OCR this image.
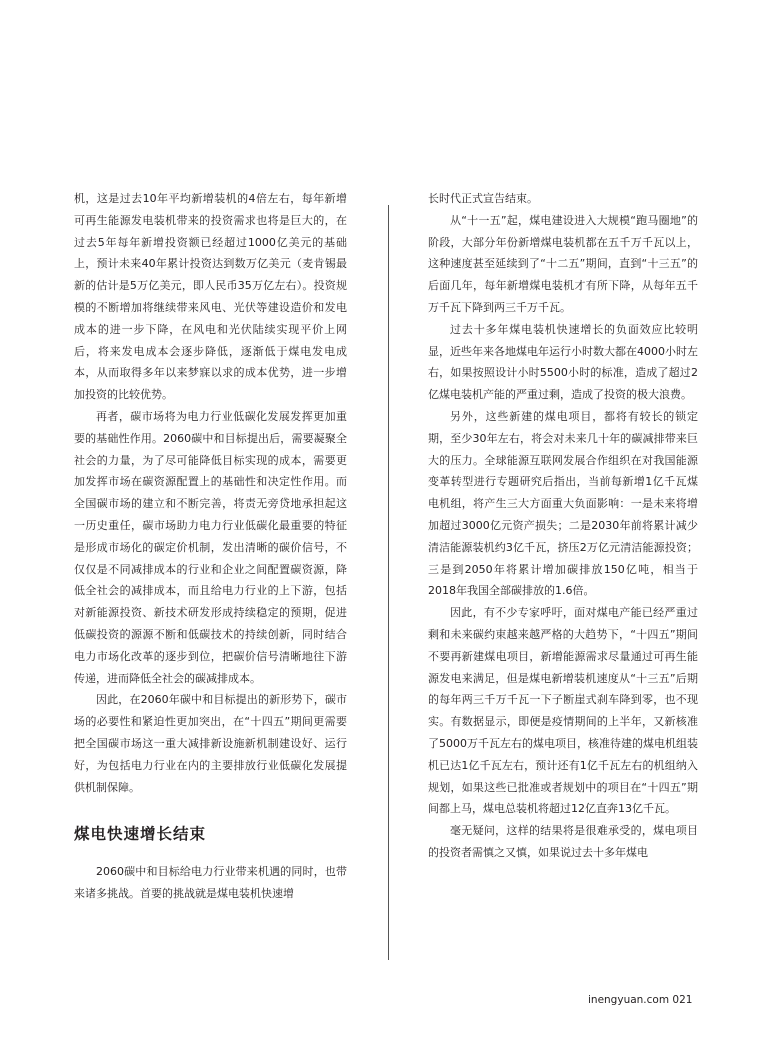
机，这是过去10年平均新增装机的4倍左右，每年新增可再生能源发电装机带来的投资需求也将是巨大的，在过去5年每年新增投资额已经超过1000亿美元的基础上，预计未来40年累计投资达到数万亿美元（麦肯锡最新的估计是5万亿美元，即人民币35万亿左右）。投资规模的不断增加将继续带来风电、光伏等建设造价和发电成本的进一步下降，在风电和光伏陆续实现平价上网后，将来发电成本会逐步降低，逐渐低于煤电发电成本，从而取得多年以来梦寐以求的成本优势，进一步增加投资的比较优势。

再者，碳市场将为电力行业低碳化发展发挥更加重要的基础性作用。2060碳中和目标提出后，需要凝聚全社会的力量，为了尽可能降低目标实现的成本，需要更加发挥市场在碳资源配置上的基础性和决定性作用。而全国碳市场的建立和不断完善，将责无旁贷地承担起这一历史重任，碳市场助力电力行业低碳化最重要的特征是形成市场化的碳定价机制，发出清晰的碳价信号，不仅仅是不同减排成本的行业和企业之间配置碳资源，降低全社会的减排成本，而且给电力行业的上下游，包括对新能源投资、新技术研发形成持续稳定的预期，促进低碳投资的源源不断和低碳技术的持续创新，同时结合电力市场化改革的逐步到位，把碳价信号清晰地往下游传递，进而降低全社会的碳减排成本。

因此，在2060年碳中和目标提出的新形势下，碳市场的必要性和紧迫性更加突出，在“十四五”期间更需要把全国碳市场这一重大减排新设施新机制建设好、运行好，为包括电力行业在内的主要排放行业低碳化发展提供机制保障。

煤电快速增长结束

2060碳中和目标给电力行业带来机遇的同时，也带来诸多挑战。首要的挑战就是煤电装机快速增

长时代正式宣告结束。

从“十一五”起，煤电建设进入大规模“跑马圈地”的阶段，大部分年份新增煤电装机都在五千万千瓦以上，这种速度甚至延续到了“十二五”期间，直到“十三五”的后面几年，每年新增煤电装机才有所下降，从每年五千万千瓦下降到两三千万千瓦。

过去十多年煤电装机快速增长的负面效应比较明显，近些年来各地煤电年运行小时数大都在4000小时左右，如果按照设计小时5500小时的标准，造成了超过2亿煤电装机产能的严重过剩，造成了投资的极大浪费。

另外，这些新建的煤电项目，都将有较长的锁定期，至少30年左右，将会对未来几十年的碳减排带来巨大的压力。全球能源互联网发展合作组织在对我国能源变革转型进行专题研究后指出，当前每新增1亿千瓦煤电机组，将产生三大方面重大负面影响：一是未来将增加超过3000亿元资产损失；二是2030年前将累计减少清洁能源装机约3亿千瓦，挤压2万亿元清洁能源投资；三是到2050年将累计增加碳排放150亿吨，相当于2018年我国全部碳排放的1.6倍。

因此，有不少专家呼吁，面对煤电产能已经严重过剩和未来碳约束越来越严格的大趋势下，“十四五”期间不要再新建煤电项目，新增能源需求尽量通过可再生能源发电来满足，但是煤电新增装机速度从“十三五”后期的每年两三千万千瓦一下子断崖式刹车降到零，也不现实。有数据显示，即便是疫情期间的上半年，又新核准了5000万千瓦左右的煤电项目，核准待建的煤电机组装机已达1亿千瓦左右，预计还有1亿千瓦左右的机组纳入规划，如果这些已批准或者规划中的项目在“十四五”期间都上马，煤电总装机将超过12亿直奔13亿千瓦。

毫无疑问，这样的结果将是很难承受的，煤电项目的投资者需慎之又慎，如果说过去十多年煤电

inengyuan.com 021
